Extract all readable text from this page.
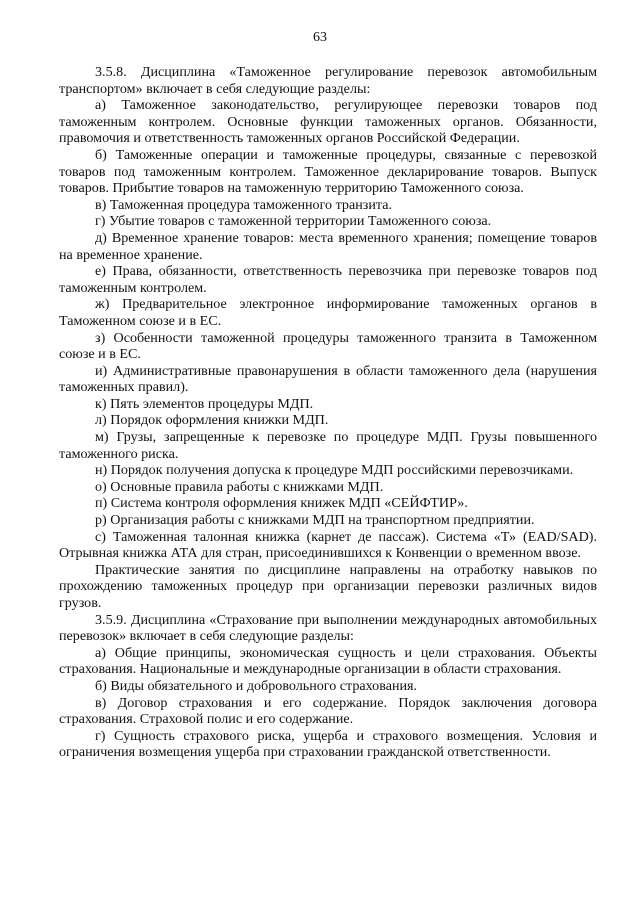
63

3.5.8. Дисциплина «Таможенное регулирование перевозок автомобильным транспортом» включает в себя следующие разделы:

а) Таможенное законодательство, регулирующее перевозки товаров под таможенным контролем. Основные функции таможенных органов. Обязанности, правомочия и ответственность таможенных органов Российской Федерации.

б) Таможенные операции и таможенные процедуры, связанные с перевозкой товаров под таможенным контролем. Таможенное декларирование товаров. Выпуск товаров. Прибытие товаров на таможенную территорию Таможенного союза.

в) Таможенная процедура таможенного транзита.

г) Убытие товаров с таможенной территории Таможенного союза.

д) Временное хранение товаров: места временного хранения; помещение товаров на временное хранение.

е) Права, обязанности, ответственность перевозчика при перевозке товаров под таможенным контролем.

ж) Предварительное электронное информирование таможенных органов в Таможенном союзе и в ЕС.

з) Особенности таможенной процедуры таможенного транзита в Таможенном союзе и в ЕС.

и) Административные правонарушения в области таможенного дела (нарушения таможенных правил).

к) Пять элементов процедуры МДП.

л) Порядок оформления книжки МДП.

м) Грузы, запрещенные к перевозке по процедуре МДП. Грузы повышенного таможенного риска.

н) Порядок получения допуска к процедуре МДП российскими перевозчиками.

о) Основные правила работы с книжками МДП.

п) Система контроля оформления книжек МДП «СЕЙФТИР».

р) Организация работы с книжками МДП на транспортном предприятии.

с) Таможенная талонная книжка (карнет де пассаж). Система «Т» (EAD/SAD). Отрывная книжка АТА для стран, присоединившихся к Конвенции о временном ввозе.

Практические занятия по дисциплине направлены на отработку навыков по прохождению таможенных процедур при организации перевозки различных видов грузов.

3.5.9. Дисциплина «Страхование при выполнении международных автомобильных перевозок» включает в себя следующие разделы:

а) Общие принципы, экономическая сущность и цели страхования. Объекты страхования. Национальные и международные организации в области страхования.

б) Виды обязательного и добровольного страхования.

в) Договор страхования и его содержание. Порядок заключения договора страхования. Страховой полис и его содержание.

г) Сущность страхового риска, ущерба и страхового возмещения. Условия и ограничения возмещения ущерба при страховании гражданской ответственности.
